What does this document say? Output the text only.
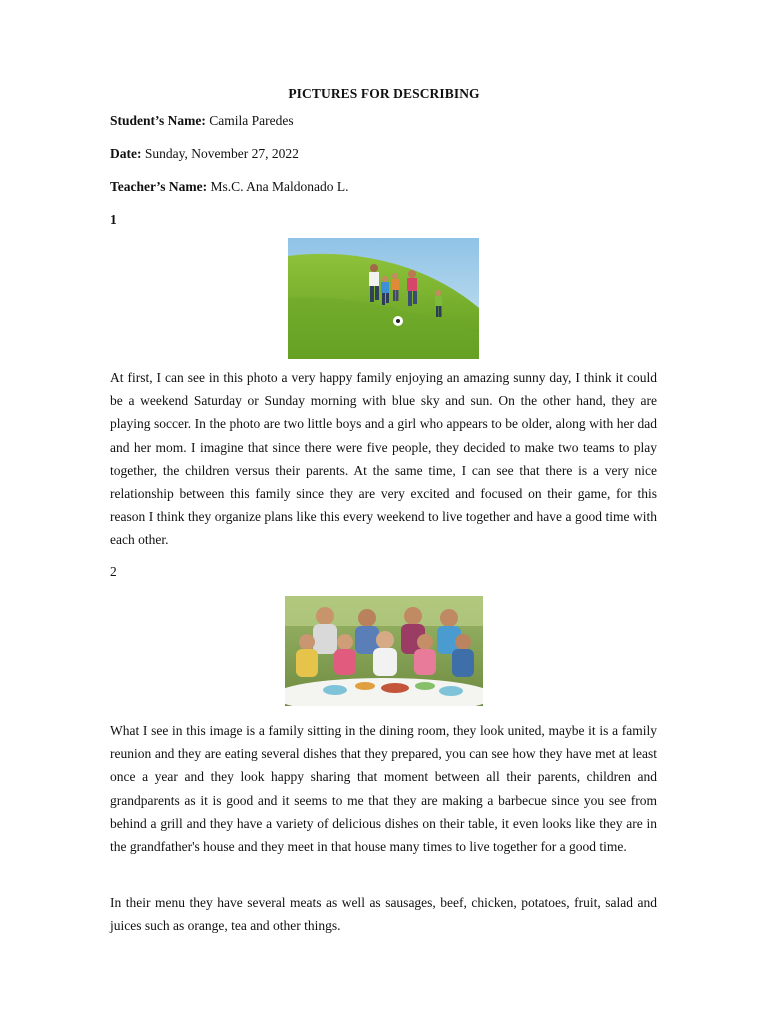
PICTURES FOR DESCRIBING
Student’s Name: Camila Paredes
Date: Sunday, November 27, 2022
Teacher’s Name: Ms.C. Ana Maldonado L.
1

At first, I can see in this photo a very happy family enjoying an amazing sunny day, I think it could be a weekend Saturday or Sunday morning with blue sky and sun. On the other hand, they are playing soccer. In the photo are two little boys and a girl who appears to be older, along with her dad and her mom. I imagine that since there were five people, they decided to make two teams to play together, the children versus their parents. At the same time, I can see that there is a very nice relationship between this family since they are very excited and focused on their game, for this reason I think they organize plans like this every weekend to live together and have a good time with each other.

2

What I see in this image is a family sitting in the dining room, they look united, maybe it is a family reunion and they are eating several dishes that they prepared, you can see how they have met at least once a year and they look happy sharing that moment between all their parents, children and grandparents as it is good and it seems to me that they are making a barbecue since you see from behind a grill and they have a variety of delicious dishes on their table, it even looks like they are in the grandfather's house and they meet in that house many times to live together for a good time.

In their menu they have several meats as well as sausages, beef, chicken, potatoes, fruit, salad and juices such as orange, tea and other things.
